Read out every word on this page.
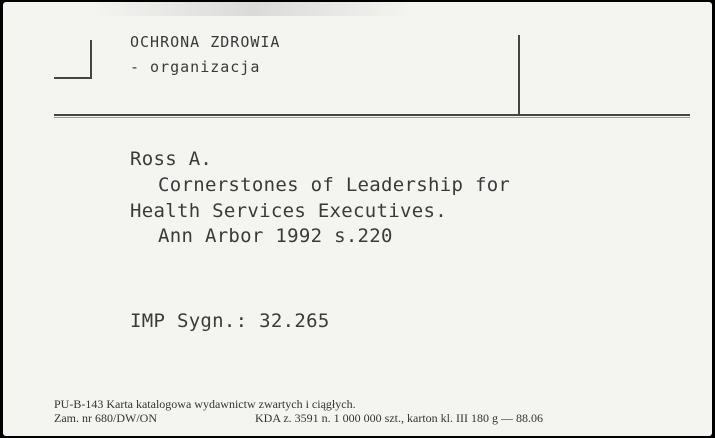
OCHRONA ZDROWIA
- organizacja
Ross A.
Cornerstones of Leadership for
Health Services Executives.
Ann Arbor 1992 s.220
IMP Sygn.: 32.265
PU-B-143 Karta katalogowa wydawnictw zwartych i ciągłych.
Zam. nr 680/DW/ON	KDA z. 3591 n. 1 000 000 szt., karton kl. III 180 g — 88.06
